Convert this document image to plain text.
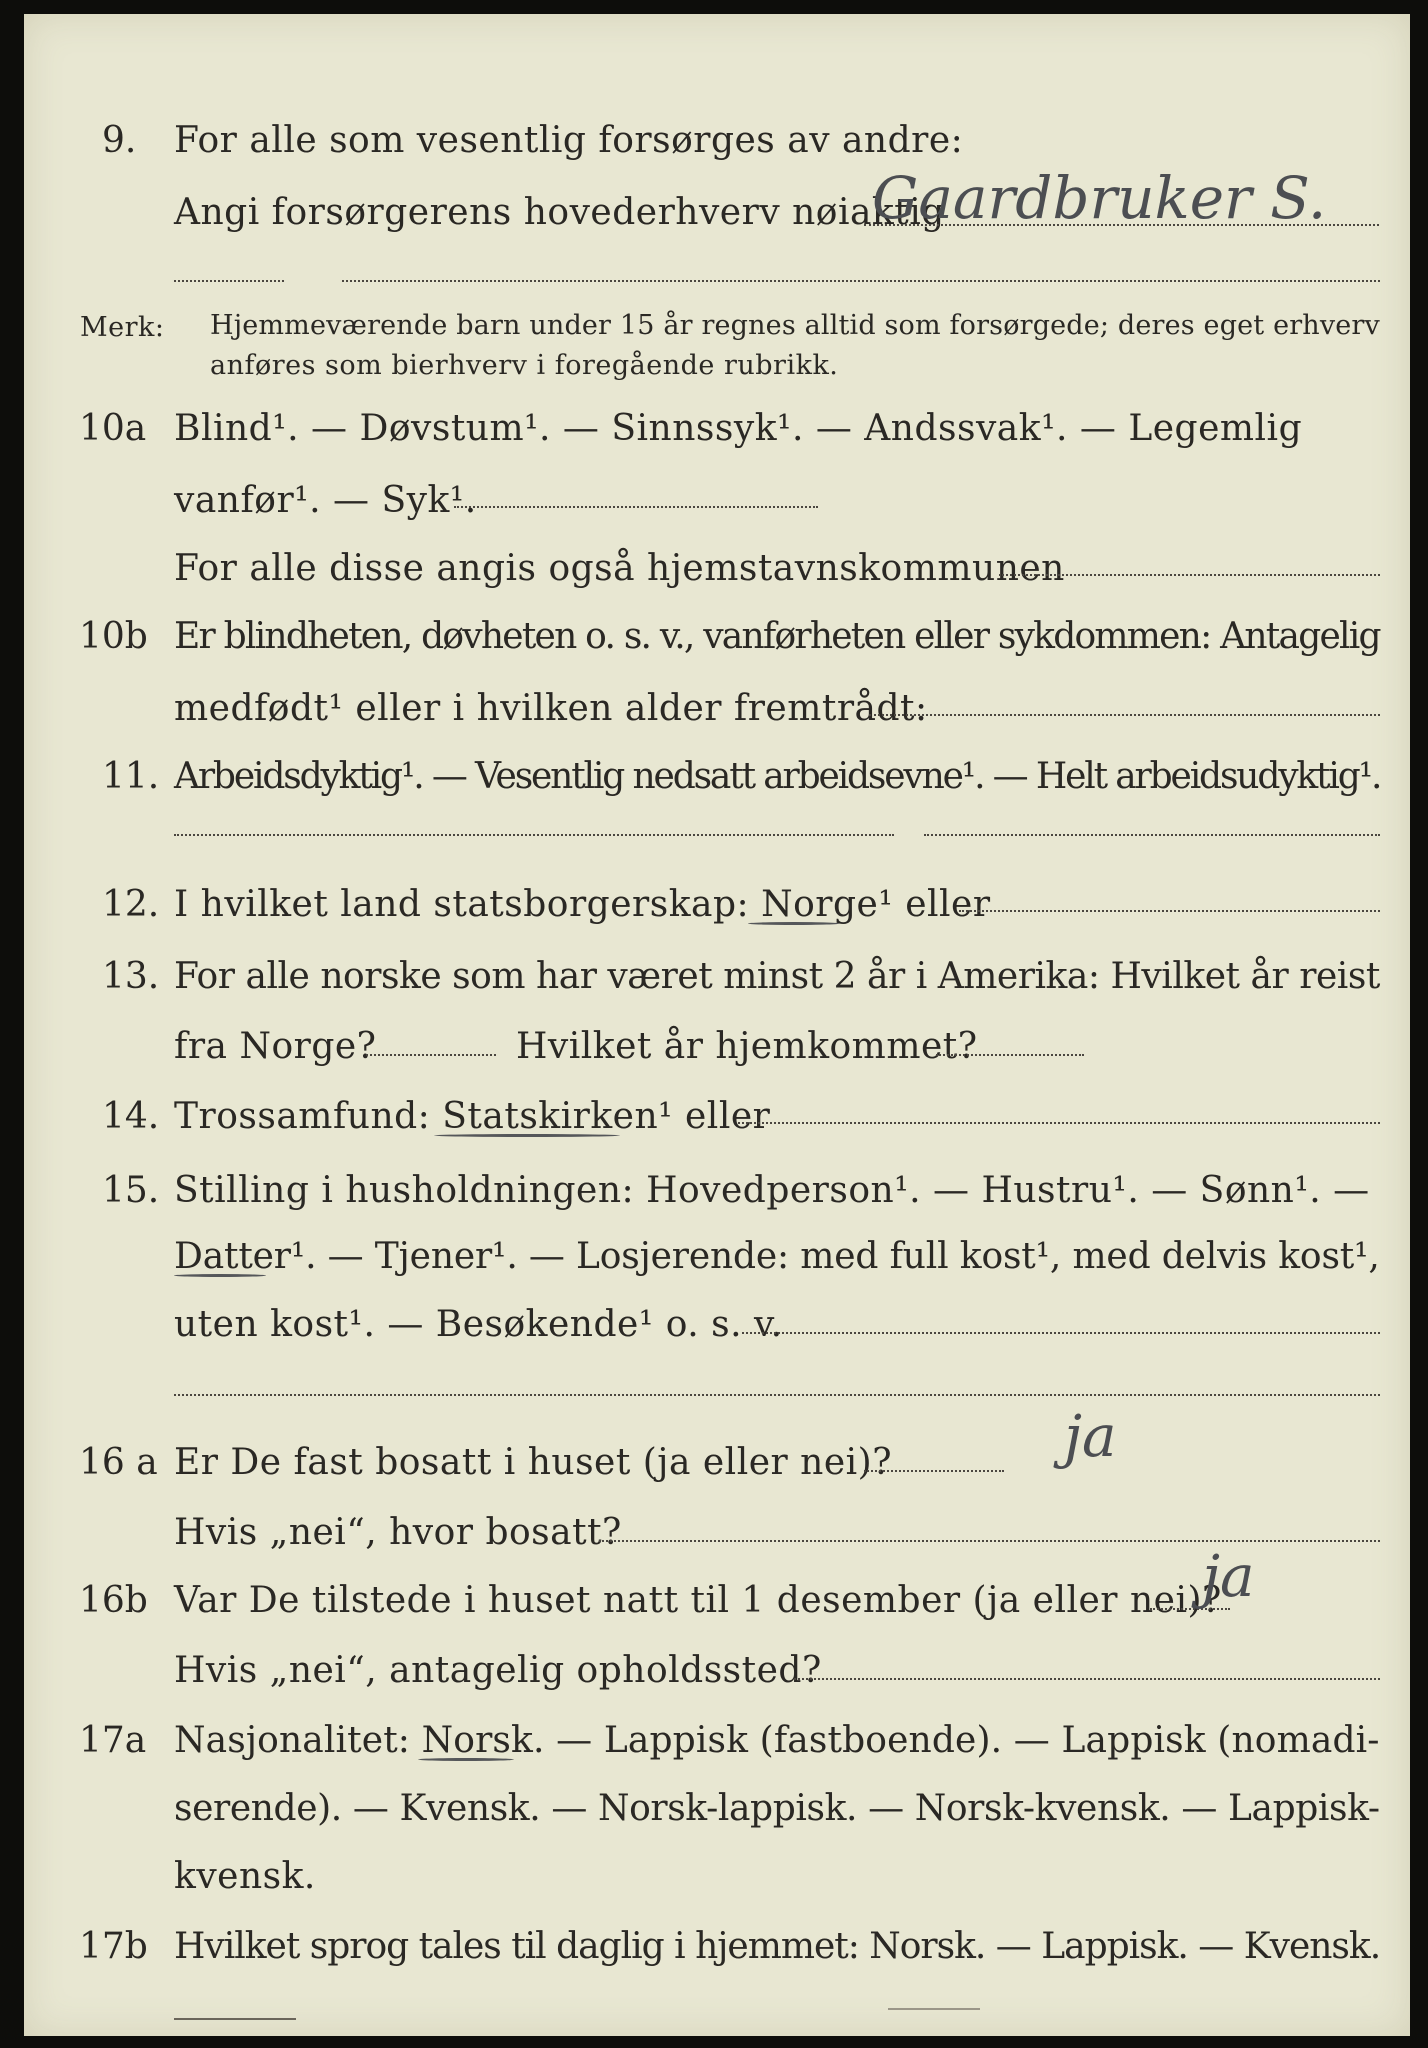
9. For alle som vesentlig forsørges av andre:
Angi forsørgerens hovederhverv nøiaktig
Gaardbruker S.
Merk: Hjemmeværende barn under 15 år regnes alltid som forsørgede; deres eget erhverv
anføres som bierhverv i foregående rubrikk.
10a Blind¹. — Døvstum¹. — Sinnssyk¹. — Andssvak¹. — Legemlig
vanfør¹. — Syk¹.
For alle disse angis også hjemstavnskommunen
10b Er blindheten, døvheten o. s. v., vanførheten eller sykdommen: Antagelig
medfødt¹ eller i hvilken alder fremtrådt:
11. Arbeidsdyktig¹. — Vesentlig nedsatt arbeidsevne¹. — Helt arbeidsudyktig¹.
12. I hvilket land statsborgerskap: Norge¹ eller
13. For alle norske som har været minst 2 år i Amerika: Hvilket år reist
fra Norge?	Hvilket år hjemkommet?
14. Trossamfund: Statskirken¹ eller
15. Stilling i husholdningen: Hovedperson¹. — Hustru¹. — Sønn¹. —
Datter¹. — Tjener¹. — Losjerende: med full kost¹, med delvis kost¹,
uten kost¹. — Besøkende¹ o. s. v.
16 a Er De fast bosatt i huset (ja eller nei)?	ja
Hvis „nei“, hvor bosatt?
16b Var De tilstede i huset natt til 1 desember (ja eller nei)?
ja
Hvis „nei“, antagelig opholdssted?
17a Nasjonalitet: Norsk. — Lappisk (fastboende). — Lappisk (nomadi-
serende). — Kvensk. — Norsk-lappisk. — Norsk-kvensk. — Lappisk-
kvensk.
17b Hvilket sprog tales til daglig i hjemmet: Norsk. — Lappisk. — Kvensk.
